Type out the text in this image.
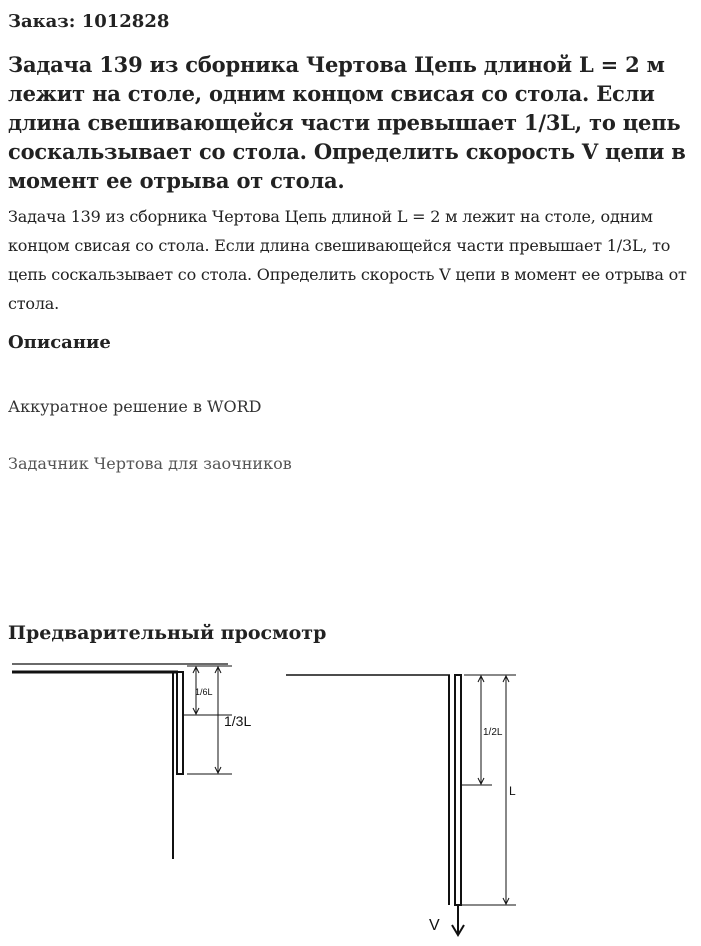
Заказ: 1012828

Задача 139 из сборника Чертова Цепь длиной L = 2 м лежит на столе, одним концом свисая со стола. Если длина свешивающейся части превышает 1/3L, то цепь соскальзывает со стола. Определить скорость V цепи в момент ее отрыва от стола.

Задача 139 из сборника Чертова Цепь длиной L = 2 м лежит на столе, одним концом свисая со стола. Если длина свешивающейся части превышает 1/3L, то цепь соскальзывает со стола. Определить скорость V цепи в момент ее отрыва от стола.

Описание

Аккуратное решение в WORD

Задачник Чертова для заочников

Предварительный просмотр
1/6L
1/3L
1/2L
L
V
